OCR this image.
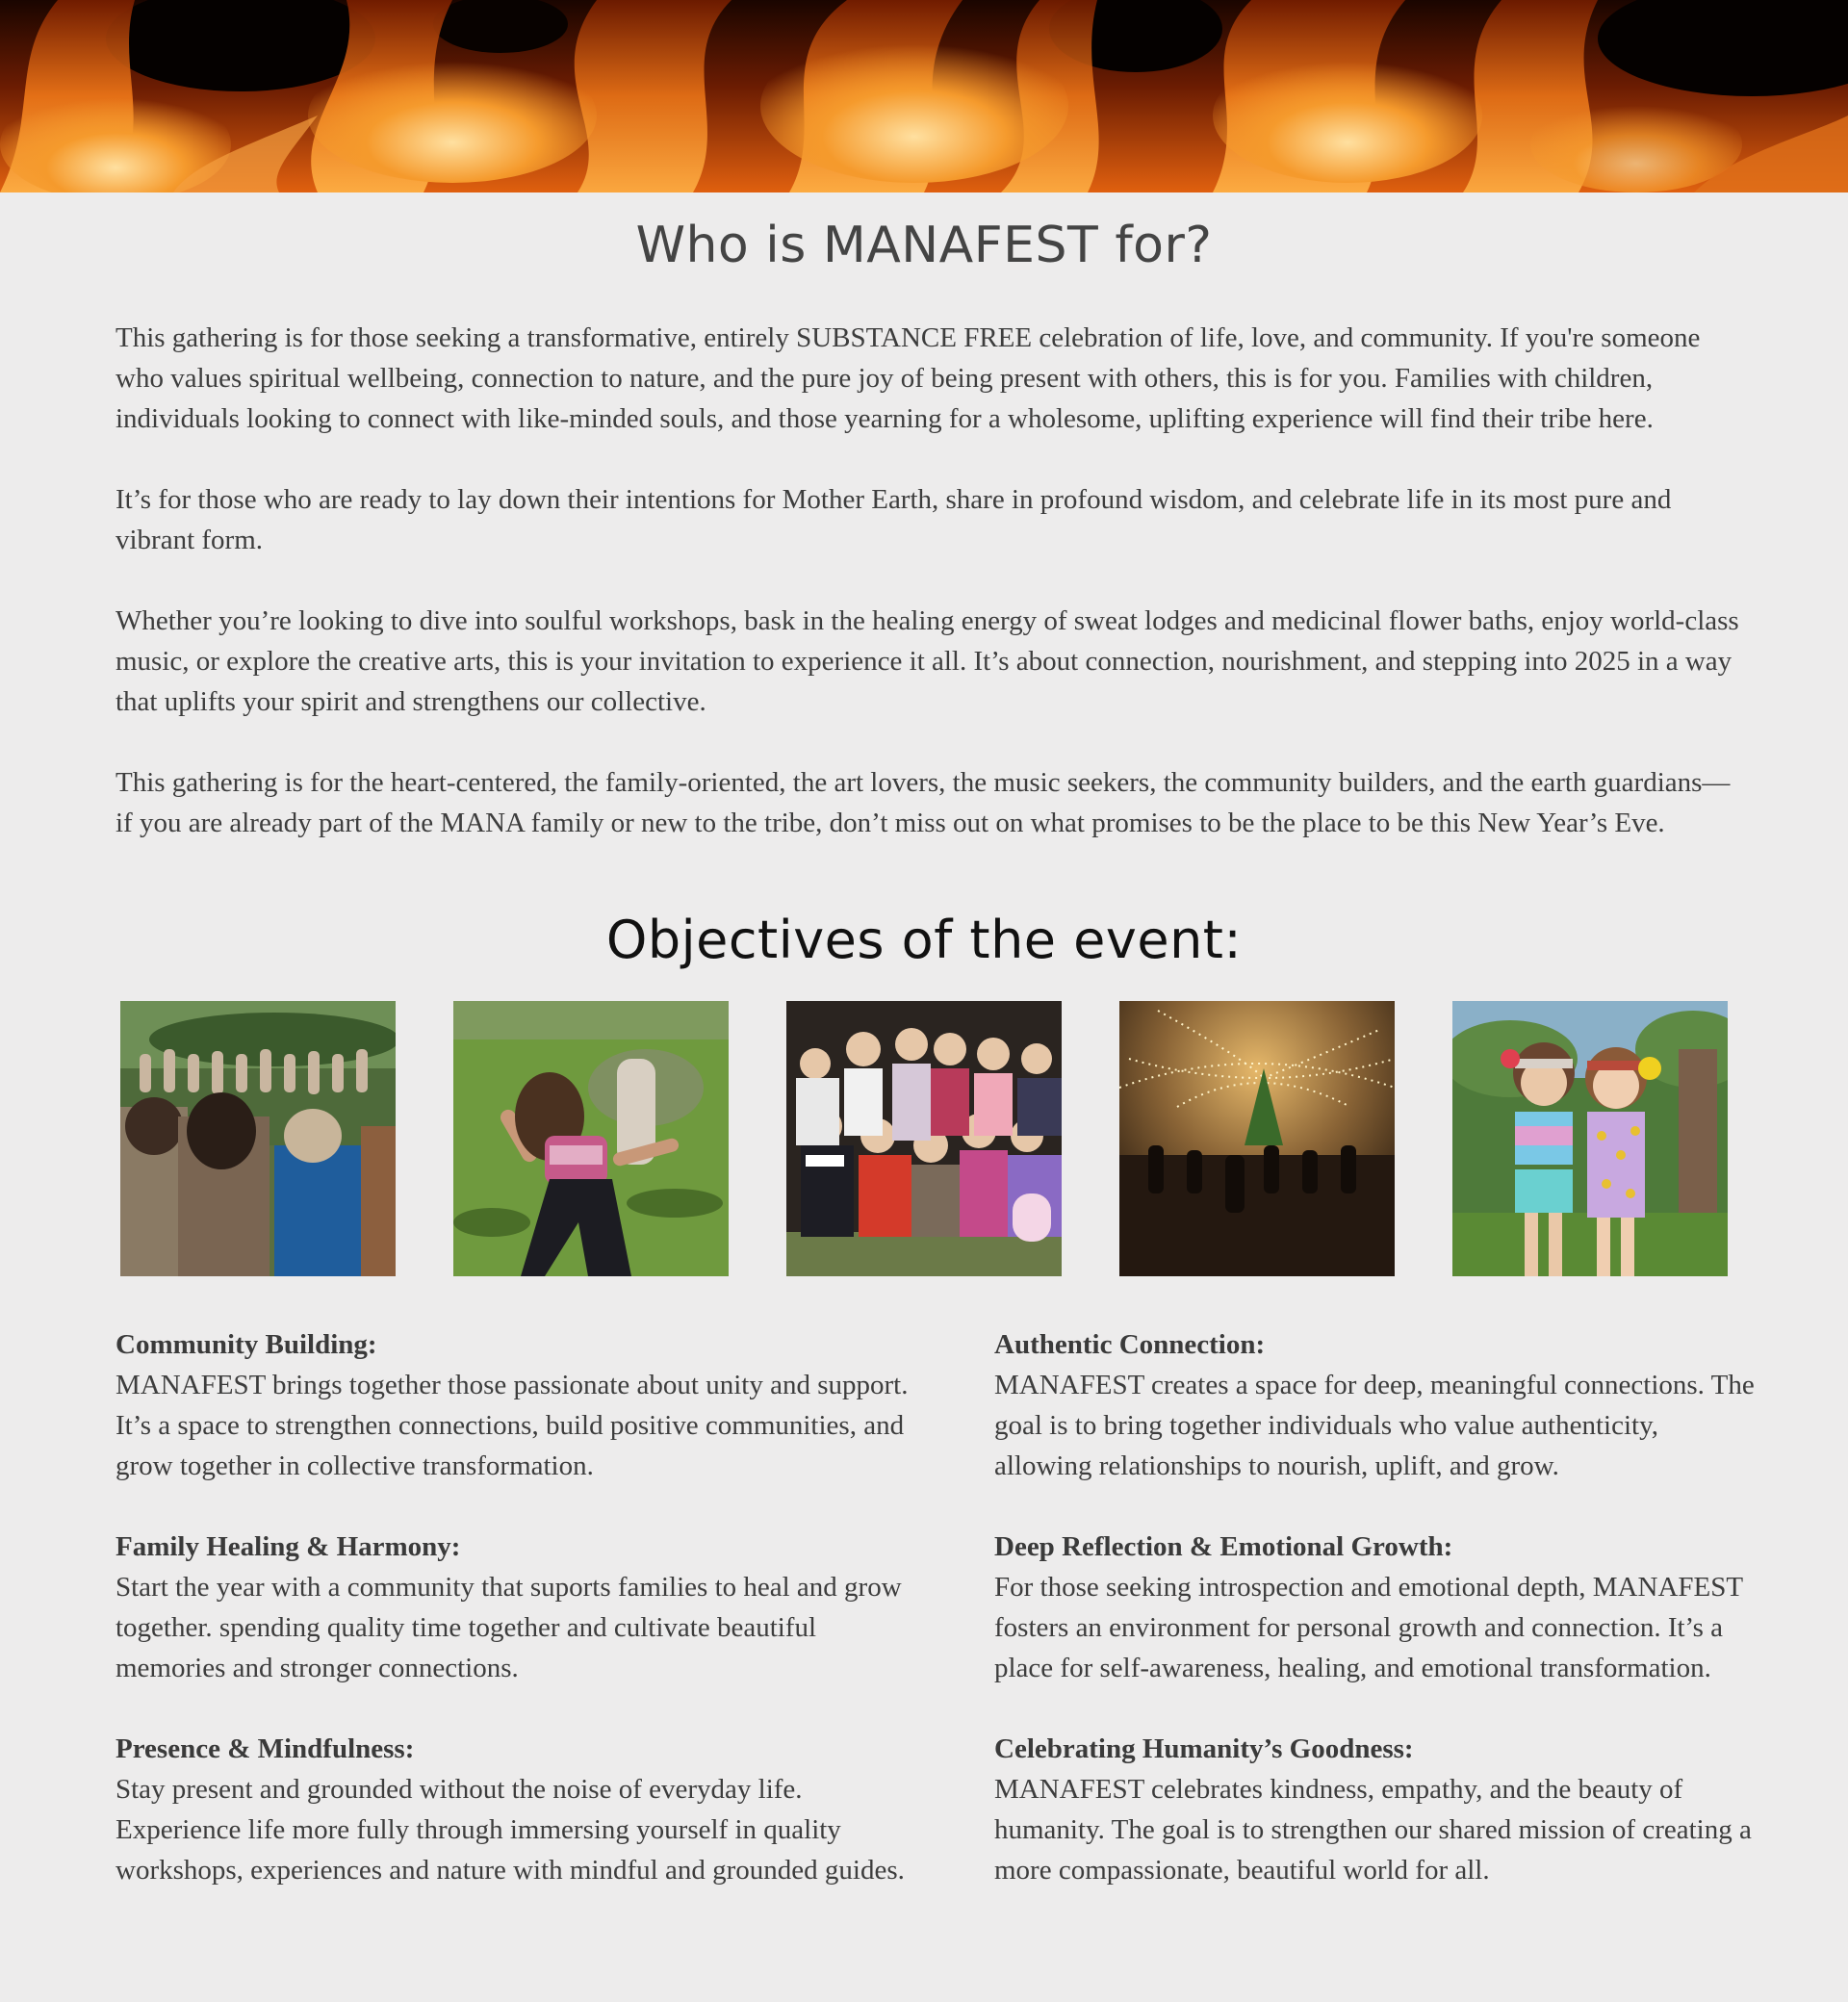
Who is MANAFEST for?

This gathering is for those seeking a transformative, entirely SUBSTANCE FREE celebration of life, love, and community. If you're someone who values spiritual wellbeing, connection to nature, and the pure joy of being present with others, this is for you. Families with children, individuals looking to connect with like-minded souls, and those yearning for a wholesome, uplifting experience will find their tribe here.

It’s for those who are ready to lay down their intentions for Mother Earth, share in profound wisdom, and celebrate life in its most pure and vibrant form.

Whether you’re looking to dive into soulful workshops, bask in the healing energy of sweat lodges and medicinal flower baths, enjoy world-class music, or explore the creative arts, this is your invitation to experience it all. It’s about connection, nourishment, and stepping into 2025 in a way that uplifts your spirit and strengthens our collective.

This gathering is for the heart-centered, the family-oriented, the art lovers, the music seekers, the community builders, and the earth guardians—if you are already part of the MANA family or new to the tribe, don’t miss out on what promises to be the place to be this New Year’s Eve.

Objectives of the event:
Community Building:
MANAFEST brings together those passionate about unity and support. It’s a space to strengthen connections, build positive communities, and grow together in collective transformation.
Family Healing & Harmony:
Start the year with a community that suports families to heal and grow together. spending quality time together and cultivate beautiful memories and stronger connections.
Presence & Mindfulness:
Stay present and grounded without the noise of everyday life. Experience life more fully through immersing yourself in quality workshops, experiences and nature with mindful and grounded guides.
Authentic Connection:
MANAFEST creates a space for deep, meaningful connections. The goal is to bring together individuals who value authenticity, allowing relationships to nourish, uplift, and grow.
Deep Reflection & Emotional Growth:
For those seeking introspection and emotional depth, MANAFEST fosters an environment for personal growth and connection. It’s a place for self-awareness, healing, and emotional transformation.
Celebrating Humanity’s Goodness:
MANAFEST celebrates kindness, empathy, and the beauty of humanity. The goal is to strengthen our shared mission of creating a more compassionate, beautiful world for all.
